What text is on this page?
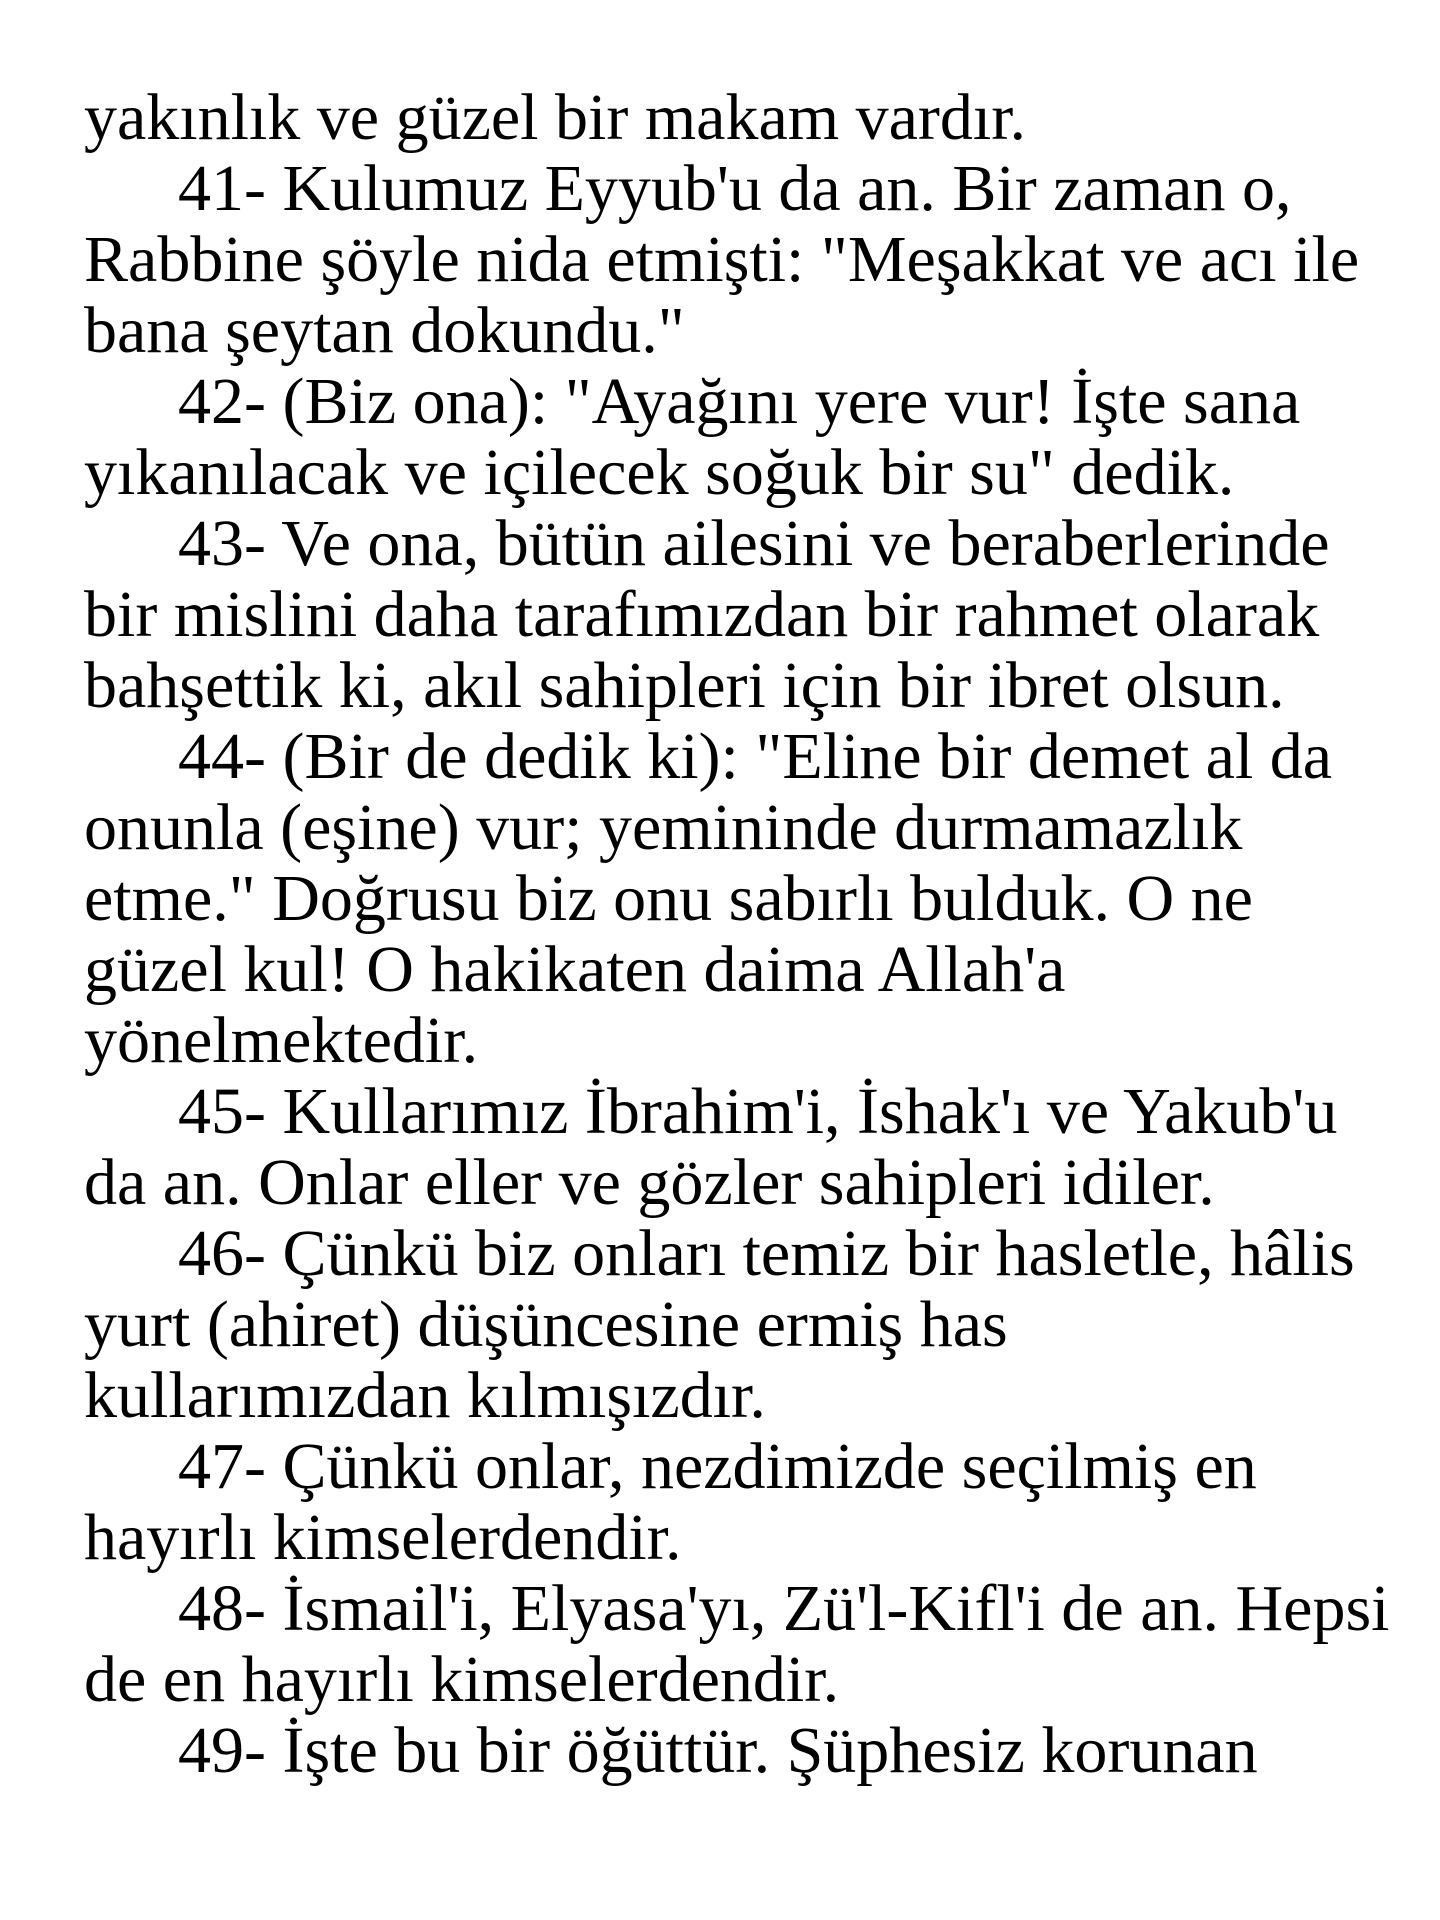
yakınlık ve güzel bir makam vardır.
41- Kulumuz Eyyub'u da an. Bir zaman o,
Rabbine şöyle nida etmişti: "Meşakkat ve acı ile
bana şeytan dokundu."
42- (Biz ona): "Ayağını yere vur! İşte sana
yıkanılacak ve içilecek soğuk bir su" dedik.
43- Ve ona, bütün ailesini ve beraberlerinde
bir mislini daha tarafımızdan bir rahmet olarak
bahşettik ki, akıl sahipleri için bir ibret olsun.
44- (Bir de dedik ki): "Eline bir demet al da
onunla (eşine) vur; yemininde durmamazlık
etme." Doğrusu biz onu sabırlı bulduk. O ne
güzel kul! O hakikaten daima Allah'a
yönelmektedir.
45- Kullarımız İbrahim'i, İshak'ı ve Yakub'u
da an. Onlar eller ve gözler sahipleri idiler.
46- Çünkü biz onları temiz bir hasletle, hâlis
yurt (ahiret) düşüncesine ermiş has
kullarımızdan kılmışızdır.
47- Çünkü onlar, nezdimizde seçilmiş en
hayırlı kimselerdendir.
48- İsmail'i, Elyasa'yı, Zü'l-Kifl'i de an. Hepsi
de en hayırlı kimselerdendir.
49- İşte bu bir öğüttür. Şüphesiz korunan
